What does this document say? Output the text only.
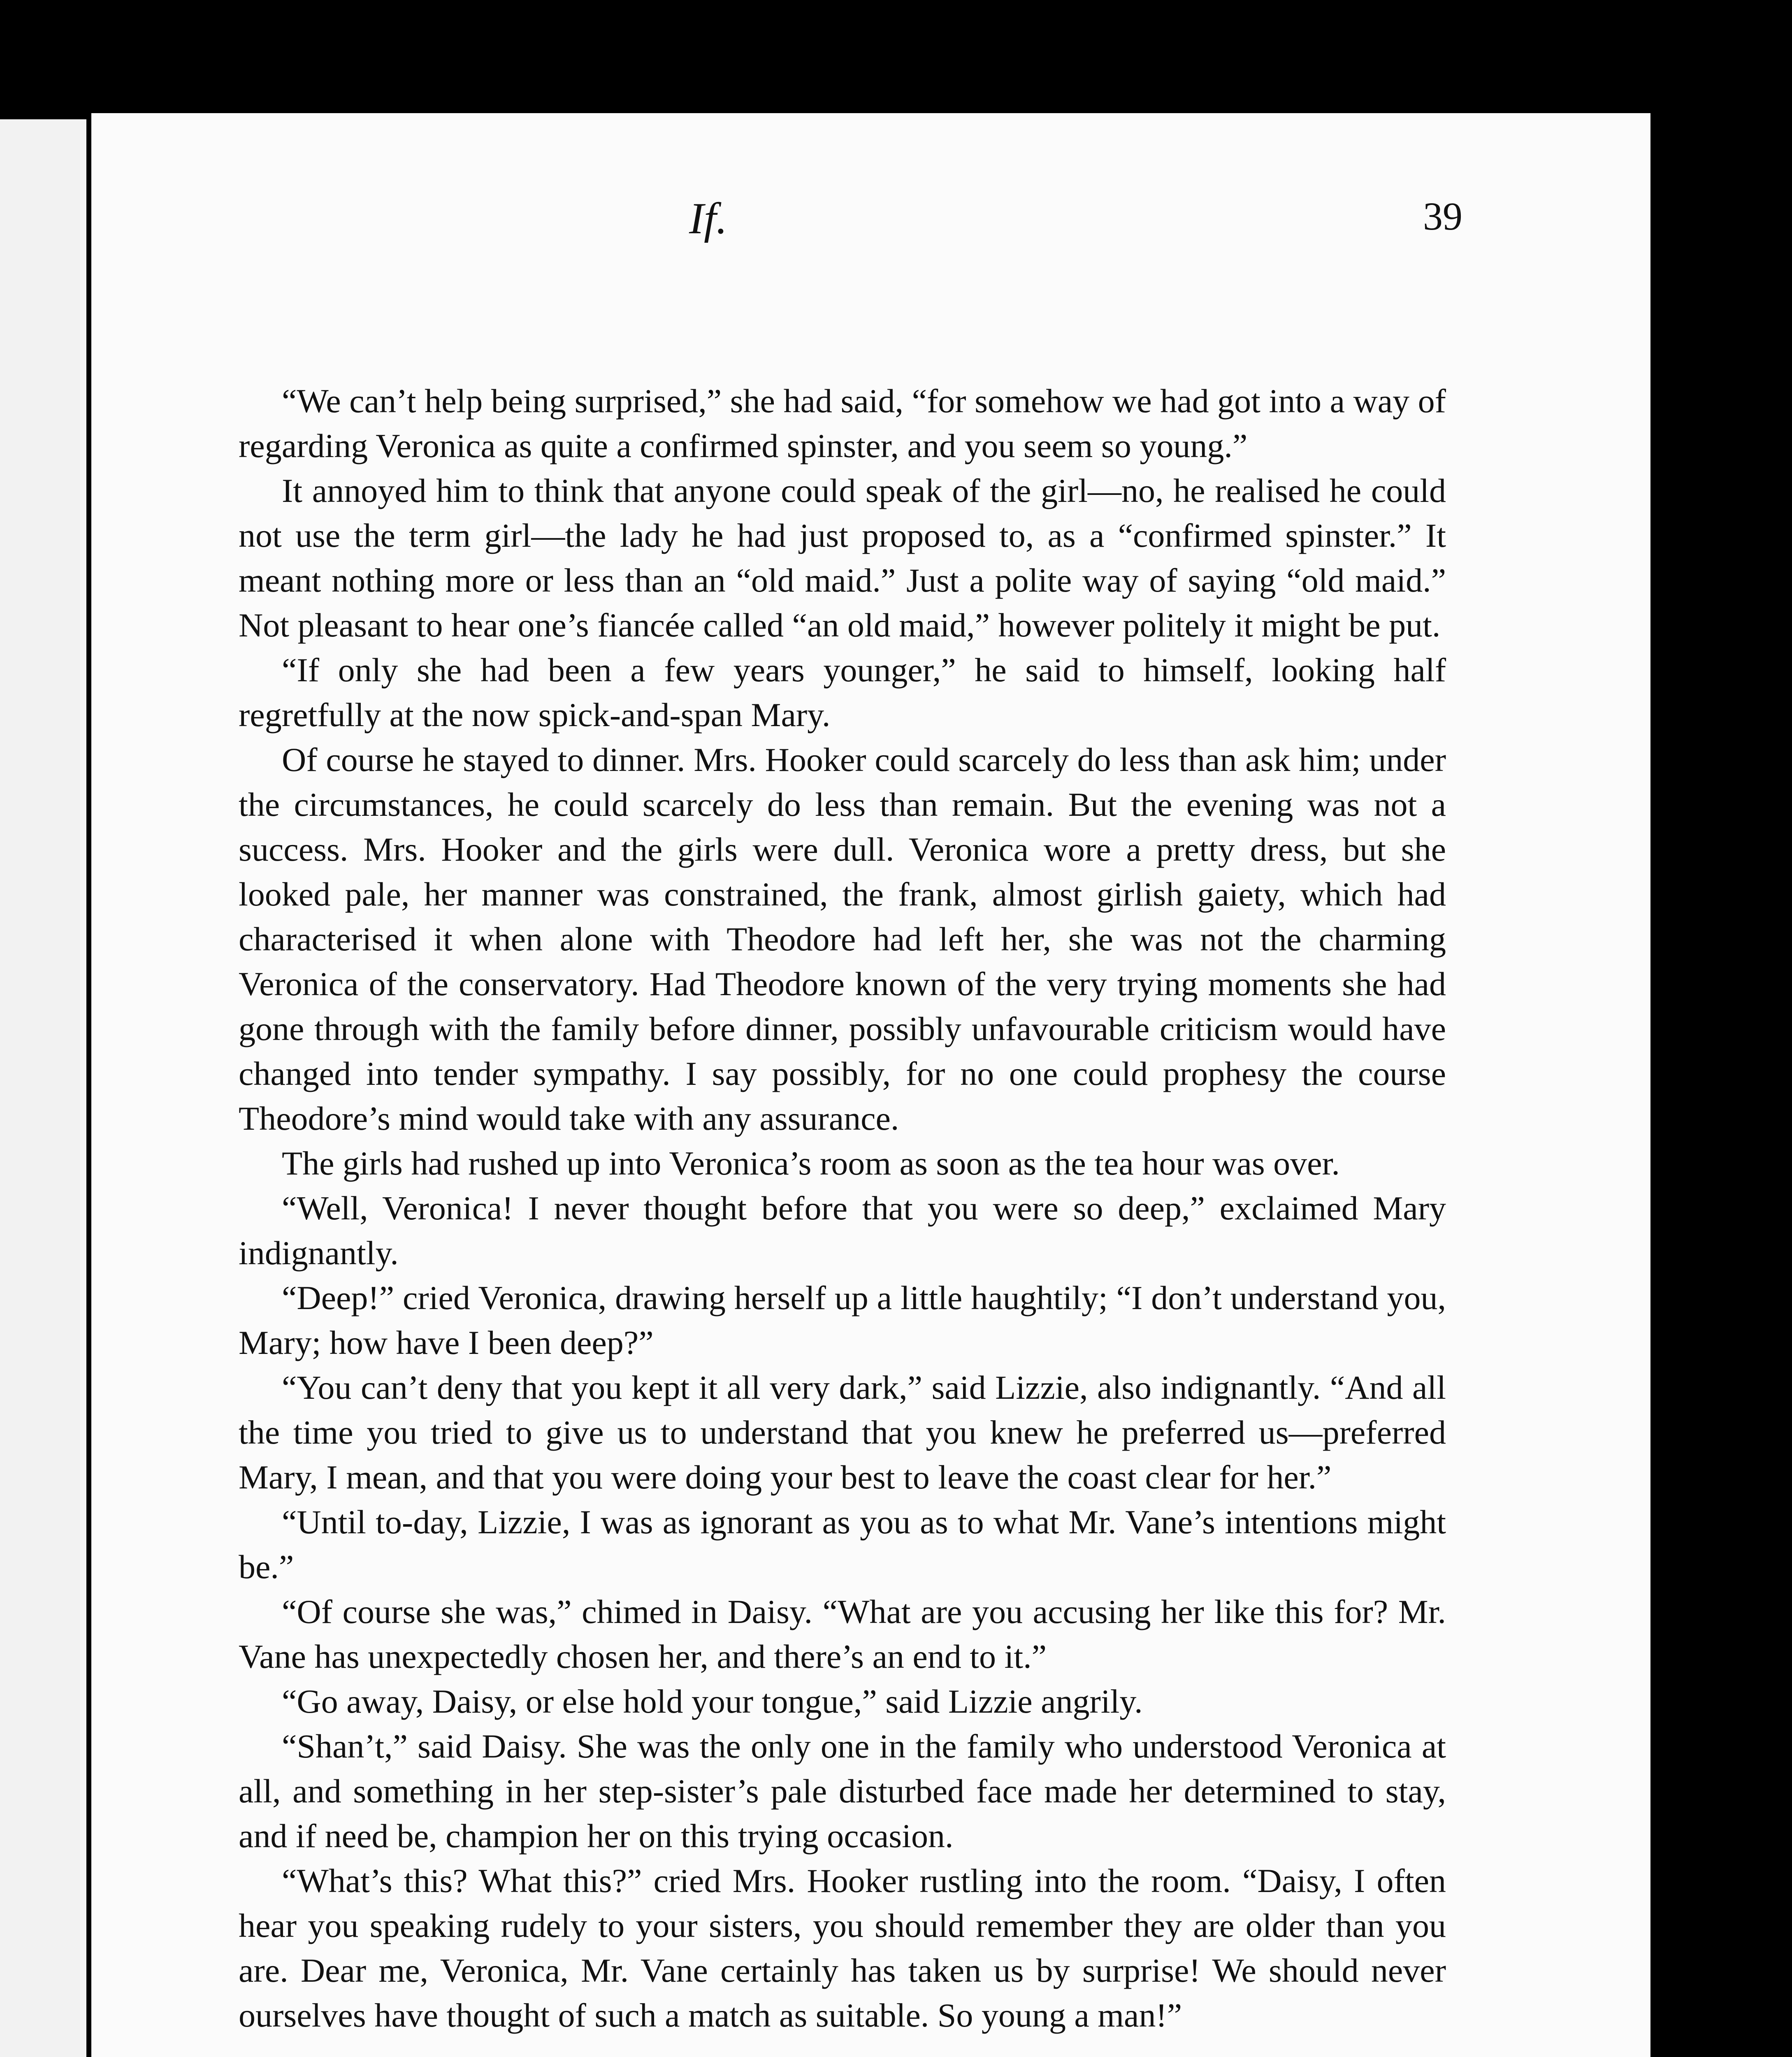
If.	39

“We can’t help being surprised,” she had said, “for somehow we had got into a way of regarding Veronica as quite a confirmed spinster, and you seem so young.”

It annoyed him to think that anyone could speak of the girl—no, he realised he could not use the term girl—the lady he had just proposed to, as a “confirmed spinster.” It meant nothing more or less than an “old maid.” Just a polite way of saying “old maid.” Not pleasant to hear one’s fiancée called “an old maid,” however politely it might be put.

“If only she had been a few years younger,” he said to himself, looking half regretfully at the now spick-and-span Mary.

Of course he stayed to dinner. Mrs. Hooker could scarcely do less than ask him; under the circumstances, he could scarcely do less than remain. But the evening was not a success. Mrs. Hooker and the girls were dull. Veronica wore a pretty dress, but she looked pale, her manner was constrained, the frank, almost girlish gaiety, which had characterised it when alone with Theodore had left her, she was not the charming Veronica of the conservatory. Had Theodore known of the very trying moments she had gone through with the family before dinner, possibly unfavourable criticism would have changed into tender sympathy. I say possibly, for no one could prophesy the course Theodore’s mind would take with any assurance.

The girls had rushed up into Veronica’s room as soon as the tea hour was over.

“Well, Veronica! I never thought before that you were so deep,” exclaimed Mary indignantly.

“Deep!” cried Veronica, drawing herself up a little haughtily; “I don’t understand you, Mary; how have I been deep?”

“You can’t deny that you kept it all very dark,” said Lizzie, also indignantly. “And all the time you tried to give us to understand that you knew he preferred us—preferred Mary, I mean, and that you were doing your best to leave the coast clear for her.”

“Until to-day, Lizzie, I was as ignorant as you as to what Mr. Vane’s intentions might be.”

“Of course she was,” chimed in Daisy. “What are you accusing her like this for? Mr. Vane has unexpectedly chosen her, and there’s an end to it.”

“Go away, Daisy, or else hold your tongue,” said Lizzie angrily.

“Shan’t,” said Daisy. She was the only one in the family who understood Veronica at all, and something in her step-sister’s pale disturbed face made her determined to stay, and if need be, champion her on this trying occasion.

“What’s this? What this?” cried Mrs. Hooker rustling into the room. “Daisy, I often hear you speaking rudely to your sisters, you should remember they are older than you are. Dear me, Veronica, Mr. Vane certainly has taken us by surprise! We should never ourselves have thought of such a match as suitable. So young a man!”
